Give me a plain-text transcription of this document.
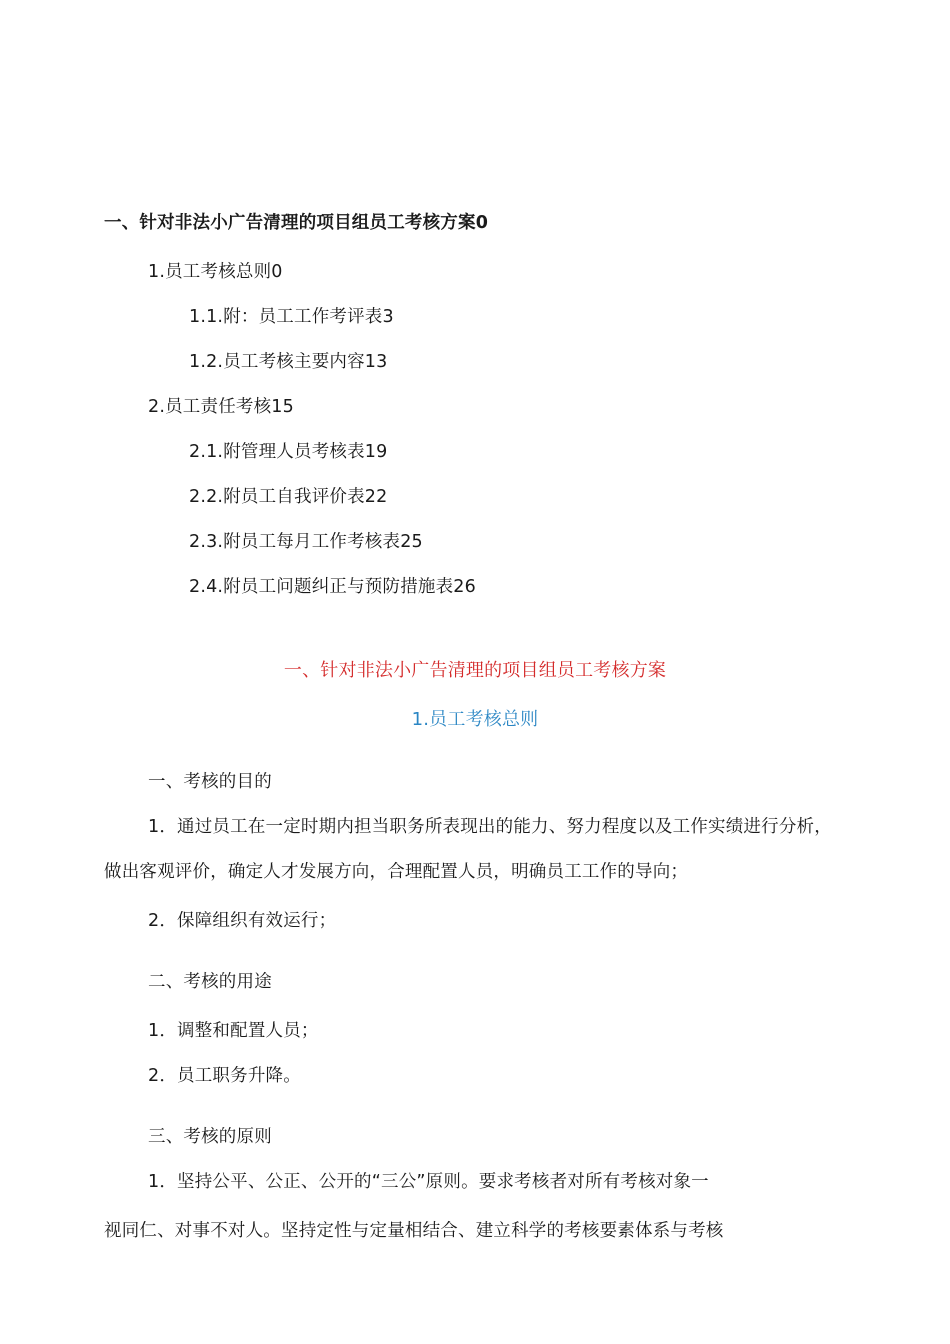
一、针对非法小广告清理的项目组员工考核方案0
1.员工考核总则0
1.1.附：员工工作考评表3
1.2.员工考核主要内容13
2.员工责任考核15
2.1.附管理人员考核表19
2.2.附员工自我评价表22
2.3.附员工每月工作考核表25
2.4.附员工问题纠正与预防措施表26
一、针对非法小广告清理的项目组员工考核方案
1.员工考核总则
一、考核的目的
1．通过员工在一定时期内担当职务所表现出的能力、努力程度以及工作实绩进行分析，
做出客观评价，确定人才发展方向，合理配置人员，明确员工工作的导向；
2．保障组织有效运行；
二、考核的用途
1．调整和配置人员；
2．员工职务升降。
三、考核的原则
1．坚持公平、公正、公开的“三公”原则。要求考核者对所有考核对象一
视同仁、对事不对人。坚持定性与定量相结合、建立科学的考核要素体系与考核
